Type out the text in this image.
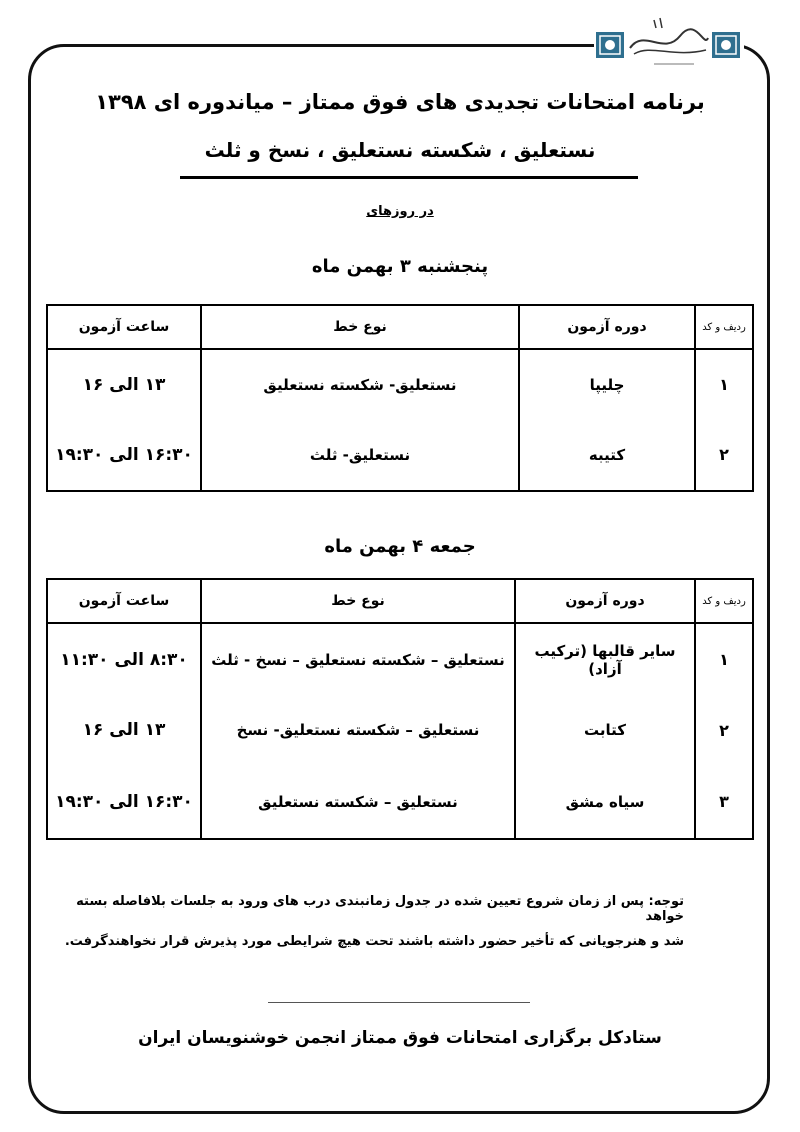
برنامه امتحانات تجدیدی های فوق ممتاز – میاندوره ای ۱۳۹۸
نستعلیق ، شکسته نستعلیق ، نسخ و ثلث
در روزهای
پنجشنبه ۳ بهمن ماه
ردیف و کد	دوره آزمون	نوع خط	ساعت آزمون
۱	چلیپا	نستعلیق- شکسته نستعلیق	۱۳ الی ۱۶
۲	کتیبه	نستعلیق- ثلث	۱۶:۳۰ الی ۱۹:۳۰
جمعه ۴ بهمن ماه
ردیف و کد	دوره آزمون	نوع خط	ساعت آزمون
۱	سایر قالبها (ترکیب آزاد)	نستعلیق – شکسته نستعلیق – نسخ - ثلث	۸:۳۰ الی ۱۱:۳۰
۲	کتابت	نستعلیق – شکسته نستعلیق- نسخ	۱۳ الی ۱۶
۳	سیاه مشق	نستعلیق – شکسته نستعلیق	۱۶:۳۰ الی ۱۹:۳۰
توجه: پس از زمان شروع تعیین شده در جدول زمانبندی درب های ورود به جلسات بلافاصله بسته خواهد
شد و هنرجویانی که تأخیر حضور داشته باشند تحت هیچ شرایطی مورد پذیرش قرار نخواهندگرفت.
ستادکل برگزاری امتحانات فوق ممتاز انجمن خوشنویسان ایران
